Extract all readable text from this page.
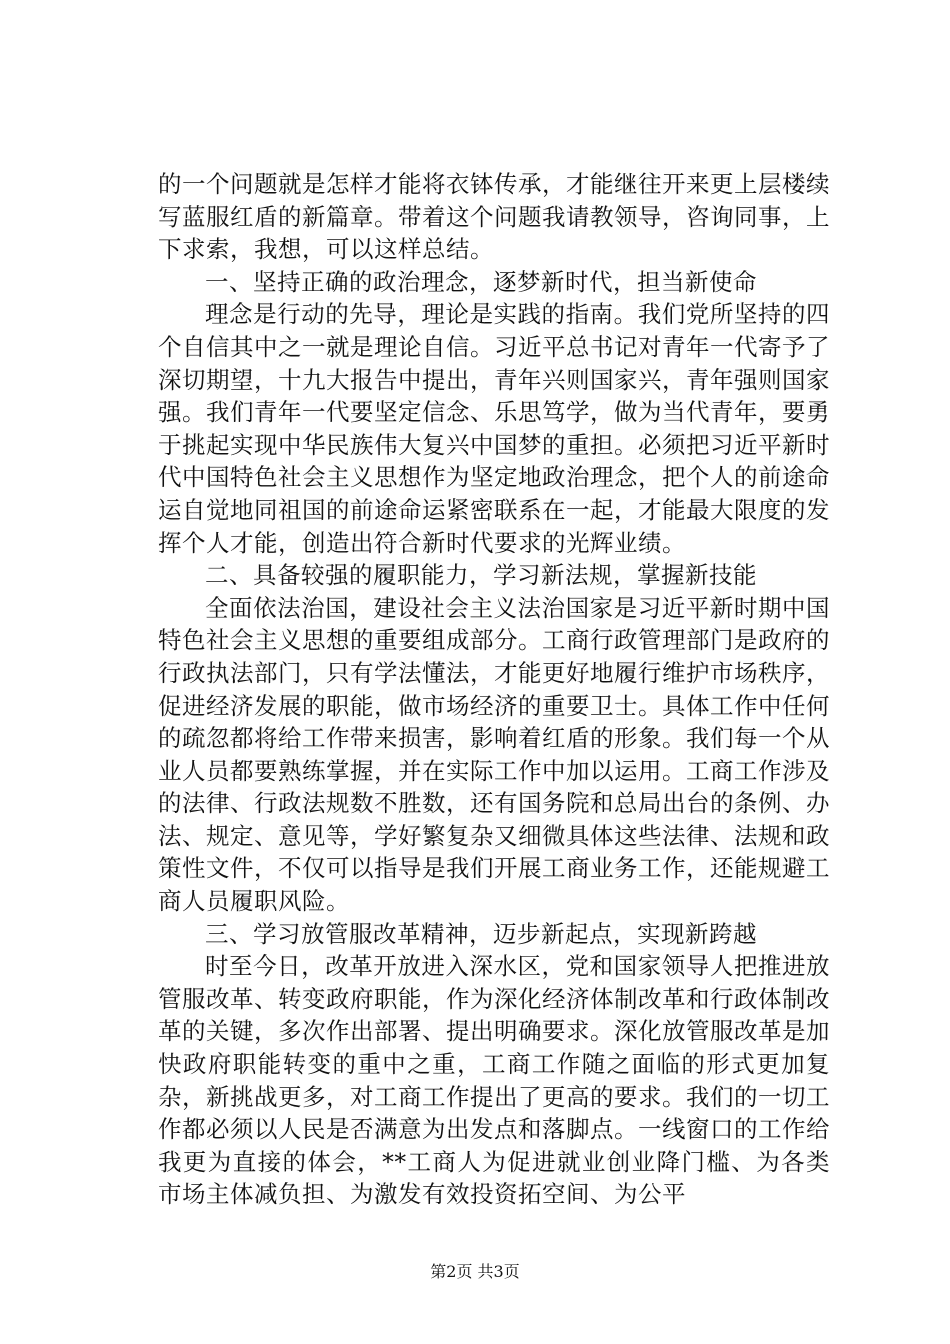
的一个问题就是怎样才能将衣钵传承，才能继往开来更上层楼续写蓝服红盾的新篇章。带着这个问题我请教领导，咨询同事，上下求索，我想，可以这样总结。

一、坚持正确的政治理念，逐梦新时代，担当新使命

理念是行动的先导，理论是实践的指南。我们党所坚持的四个自信其中之一就是理论自信。习近平总书记对青年一代寄予了深切期望，十九大报告中提出，青年兴则国家兴，青年强则国家强。我们青年一代要坚定信念、乐思笃学，做为当代青年，要勇于挑起实现中华民族伟大复兴中国梦的重担。必须把习近平新时代中国特色社会主义思想作为坚定地政治理念，把个人的前途命运自觉地同祖国的前途命运紧密联系在一起，才能最大限度的发挥个人才能，创造出符合新时代要求的光辉业绩。

二、具备较强的履职能力，学习新法规，掌握新技能

全面依法治国，建设社会主义法治国家是习近平新时期中国特色社会主义思想的重要组成部分。工商行政管理部门是政府的行政执法部门，只有学法懂法，才能更好地履行维护市场秩序，促进经济发展的职能，做市场经济的重要卫士。具体工作中任何的疏忽都将给工作带来损害，影响着红盾的形象。我们每一个从业人员都要熟练掌握，并在实际工作中加以运用。工商工作涉及的法律、行政法规数不胜数，还有国务院和总局出台的条例、办法、规定、意见等，学好繁复杂又细微具体这些法律、法规和政策性文件，不仅可以指导是我们开展工商业务工作，还能规避工商人员履职风险。

三、学习放管服改革精神，迈步新起点，实现新跨越

时至今日，改革开放进入深水区，党和国家领导人把推进放管服改革、转变政府职能，作为深化经济体制改革和行政体制改革的关键，多次作出部署、提出明确要求。深化放管服改革是加快政府职能转变的重中之重，工商工作随之面临的形式更加复杂，新挑战更多，对工商工作提出了更高的要求。我们的一切工作都必须以人民是否满意为出发点和落脚点。一线窗口的工作给我更为直接的体会，**工商人为促进就业创业降门槛、为各类市场主体减负担、为激发有效投资拓空间、为公平

第2页 共3页
